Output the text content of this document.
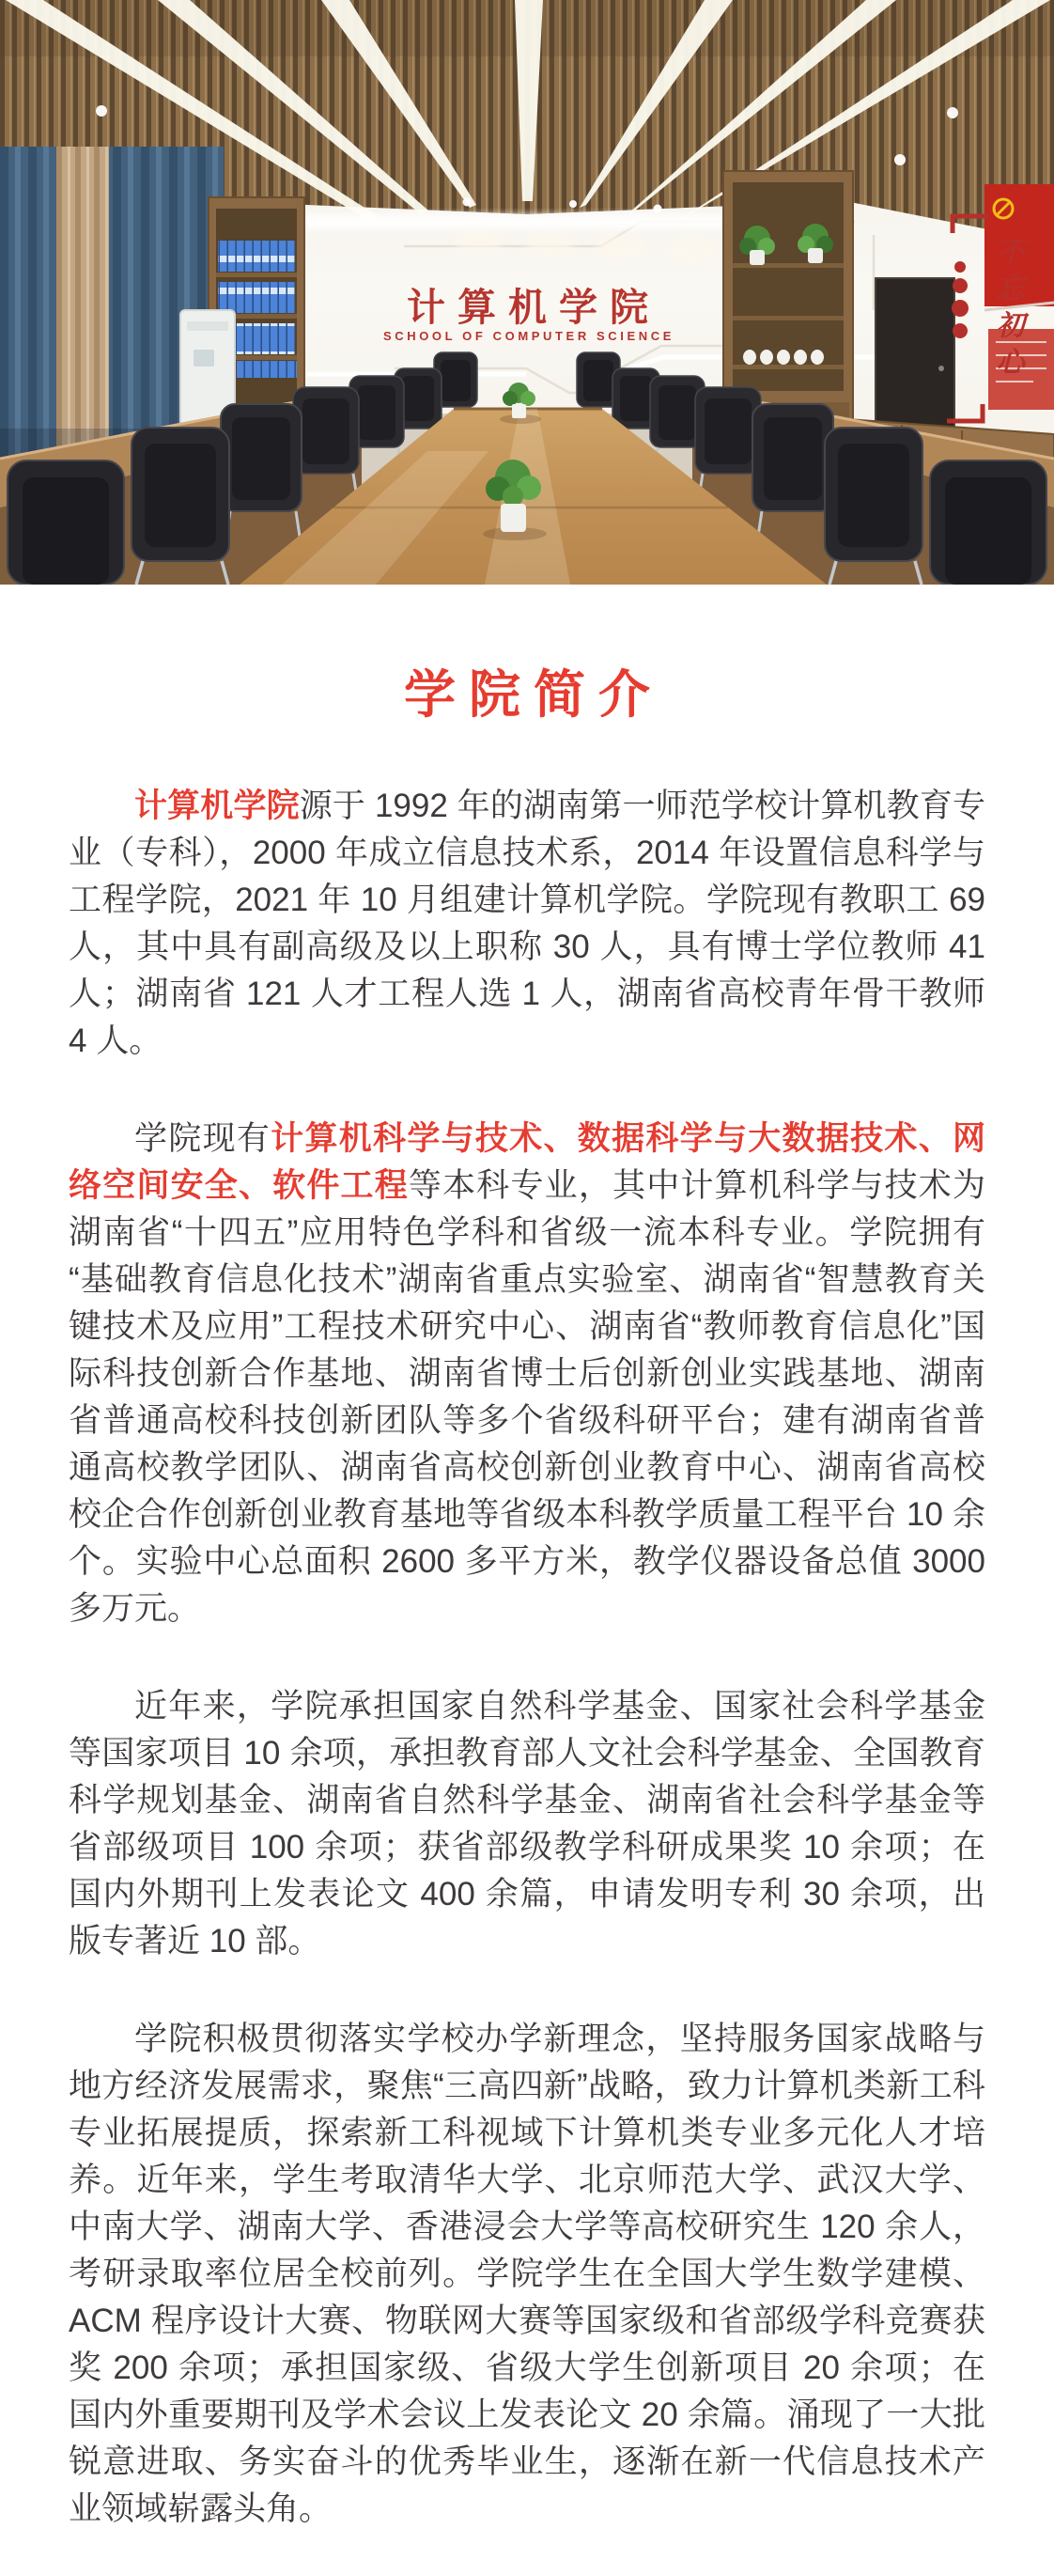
计算机学院
SCHOOL OF COMPUTER SCIENCE	不忘初心
学院简介

计算机学院源于 1992 年的湖南第一师范学校计算机教育专业（专科），2000 年成立信息技术系，2014 年设置信息科学与工程学院，2021 年 10 月组建计算机学院。学院现有教职工 69 人，其中具有副高级及以上职称 30 人，具有博士学位教师 41 人；湖南省 121 人才工程人选 1 人，湖南省高校青年骨干教师 4 人。

学院现有计算机科学与技术、数据科学与大数据技术、网络空间安全、软件工程等本科专业，其中计算机科学与技术为湖南省“十四五”应用特色学科和省级一流本科专业。学院拥有“基础教育信息化技术”湖南省重点实验室、湖南省“智慧教育关键技术及应用”工程技术研究中心、湖南省“教师教育信息化”国际科技创新合作基地、湖南省博士后创新创业实践基地、湖南省普通高校科技创新团队等多个省级科研平台；建有湖南省普通高校教学团队、湖南省高校创新创业教育中心、湖南省高校校企合作创新创业教育基地等省级本科教学质量工程平台 10 余个。实验中心总面积 2600 多平方米，教学仪器设备总值 3000 多万元。

近年来，学院承担国家自然科学基金、国家社会科学基金等国家项目 10 余项，承担教育部人文社会科学基金、全国教育科学规划基金、湖南省自然科学基金、湖南省社会科学基金等省部级项目 100 余项；获省部级教学科研成果奖 10 余项；在国内外期刊上发表论文 400 余篇，申请发明专利 30 余项，出版专著近 10 部。

学院积极贯彻落实学校办学新理念，坚持服务国家战略与地方经济发展需求，聚焦“三高四新”战略，致力计算机类新工科专业拓展提质，探索新工科视域下计算机类专业多元化人才培养。近年来，学生考取清华大学、北京师范大学、武汉大学、中南大学、湖南大学、香港浸会大学等高校研究生 120 余人，考研录取率位居全校前列。学院学生在全国大学生数学建模、ACM 程序设计大赛、物联网大赛等国家级和省部级学科竞赛获奖 200 余项；承担国家级、省级大学生创新项目 20 余项；在国内外重要期刊及学术会议上发表论文 20 余篇。涌现了一大批锐意进取、务实奋斗的优秀毕业生，逐渐在新一代信息技术产业领域崭露头角。
